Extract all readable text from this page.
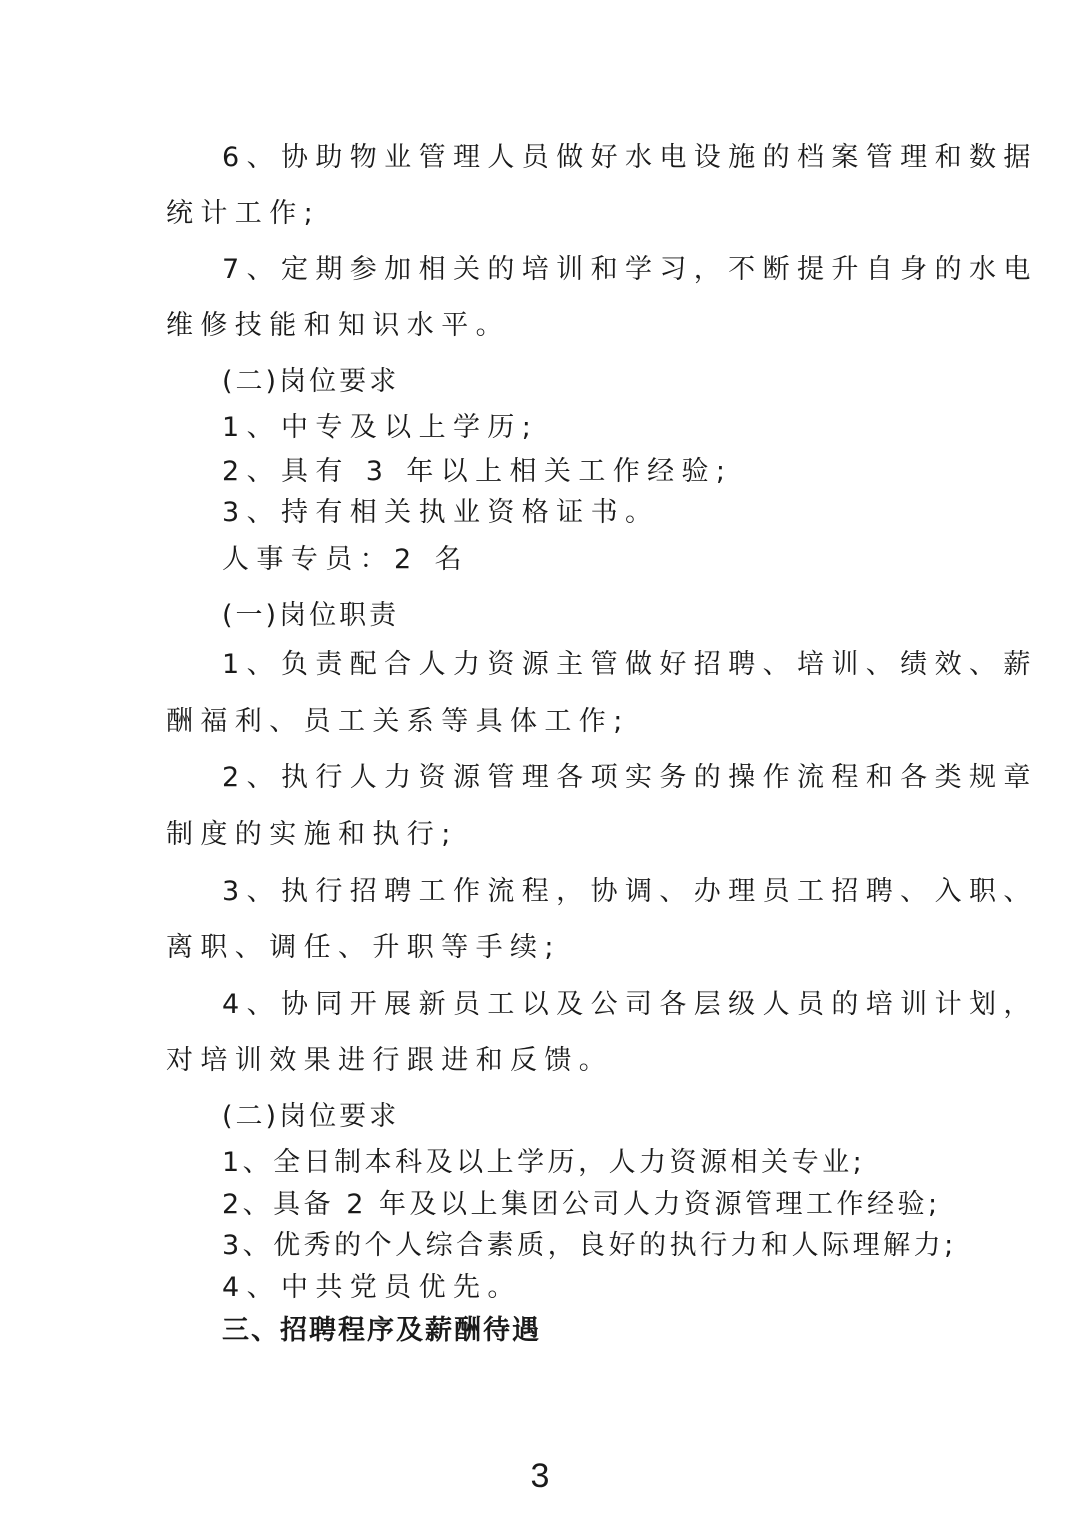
6、协助物业管理人员做好水电设施的档案管理和数据
统计工作;
7、定期参加相关的培训和学习，不断提升自身的水电
维修技能和知识水平。
(二)岗位要求
1、中专及以上学历;
2、具有 3 年以上相关工作经验;
3、持有相关执业资格证书。
人事专员：2 名
(一)岗位职责
1、负责配合人力资源主管做好招聘、培训、绩效、薪
酬福利、员工关系等具体工作;
2、执行人力资源管理各项实务的操作流程和各类规章
制度的实施和执行;
3、执行招聘工作流程，协调、办理员工招聘、入职、
离职、调任、升职等手续;
4、协同开展新员工以及公司各层级人员的培训计划，
对培训效果进行跟进和反馈。
(二)岗位要求
1、全日制本科及以上学历，人力资源相关专业;
2、具备 2 年及以上集团公司人力资源管理工作经验;
3、优秀的个人综合素质，良好的执行力和人际理解力;
4、中共党员优先。
三、招聘程序及薪酬待遇
3
